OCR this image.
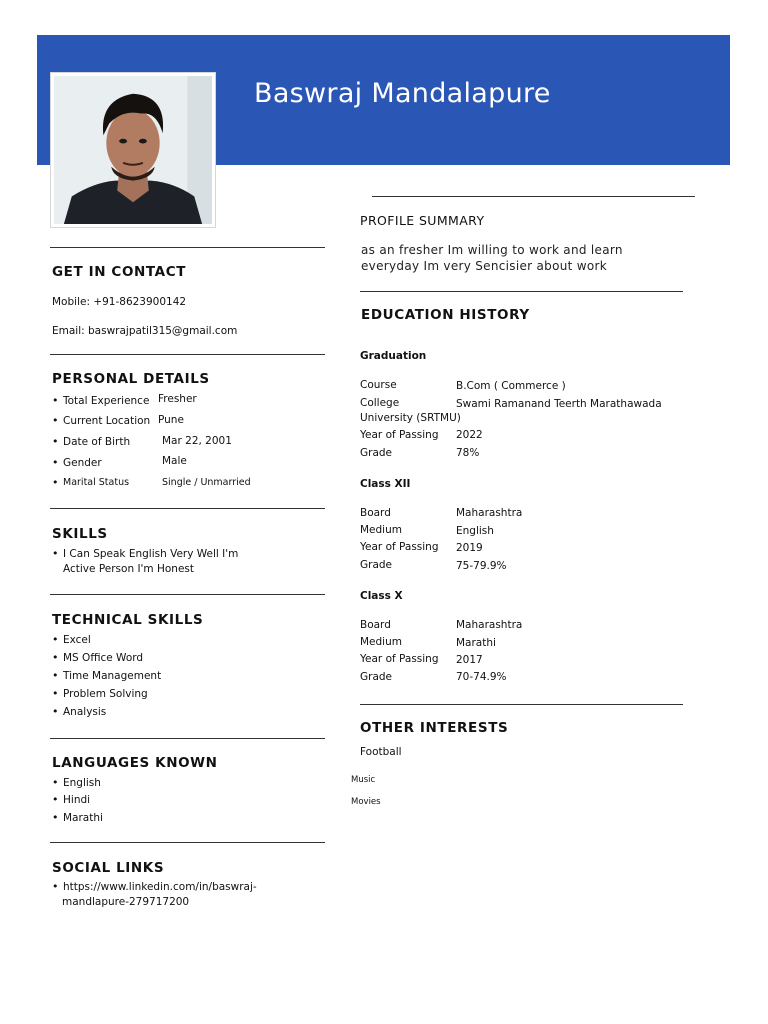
Baswraj Mandalapure
GET IN CONTACT
Mobile: +91-8623900142
Email: baswrajpatil315@gmail.com
PERSONAL DETAILS
• Total Experience Fresher
• Current Location Pune
• Date of Birth	Mar 22, 2001
• Gender	Male
• Marital Status	Single / Unmarried
SKILLS
• I Can Speak English Very Well I'm
Active Person I'm Honest
TECHNICAL SKILLS
• Excel
• MS Office Word
• Time Management
• Problem Solving
• Analysis
LANGUAGES KNOWN
• English
• Hindi
• Marathi
SOCIAL LINKS
• https://www.linkedin.com/in/baswraj-
mandlapure-279717200
PROFILE SUMMARY
as an fresher Im willing to work and learn
everyday Im very Sencisier about work
EDUCATION HISTORY
Graduation
Course	B.Com ( Commerce )
College	Swami Ramanand Teerth Marathawada
University (SRTMU)
Year of Passing 2022
Grade	78%
Class XII
Board	Maharashtra
Medium	English
Year of Passing 2019
Grade	75-79.9%
Class X
Board	Maharashtra
Medium	Marathi
Year of Passing 2017
Grade	70-74.9%
OTHER INTERESTS
Football
Music
Movies
